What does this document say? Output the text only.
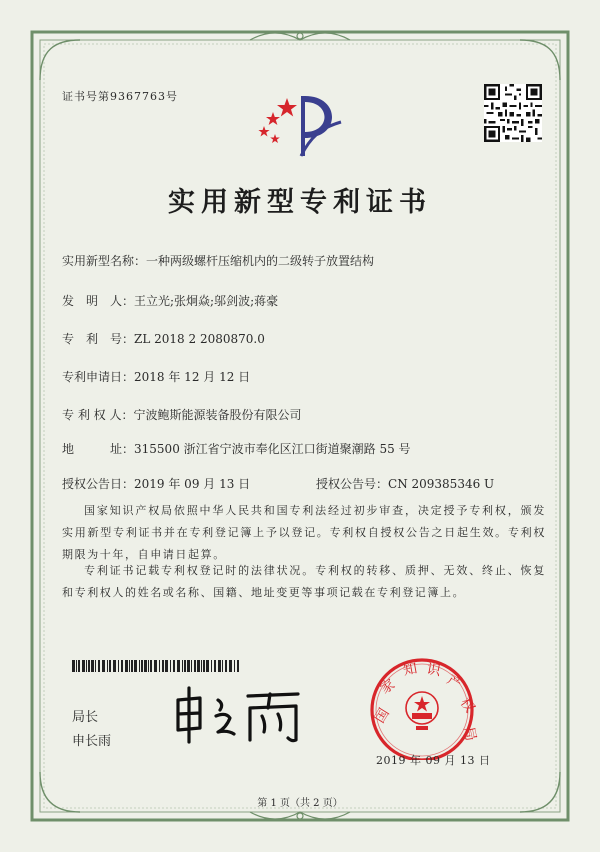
证书号第9367763号
实用新型专利证书
实用新型名称：一种两级螺杆压缩机内的二级转子放置结构
发　明　人：王立光;张炯焱;邬剑波;蒋豪
专　利　号：ZL 2018 2 2080870.0
专利申请日：2018 年 12 月 12 日
专 利 权 人：宁波鲍斯能源装备股份有限公司
地　　　址：315500 浙江省宁波市奉化区江口街道聚潮路 55 号
授权公告日：2019 年 09 月 13 日	授权公告号：CN 209385346 U
国家知识产权局依照中华人民共和国专利法经过初步审查，决定授予专利权，颁发实用新型专利证书并在专利登记簿上予以登记。专利权自授权公告之日起生效。专利权期限为十年，自申请日起算。
专利证书记载专利权登记时的法律状况。专利权的转移、质押、无效、终止、恢复和专利权人的姓名或名称、国籍、地址变更等事项记载在专利登记簿上。
局长
申长雨
国
家
知 识
产
权
局
2019 年 09 月 13 日
第 1 页（共 2 页）
